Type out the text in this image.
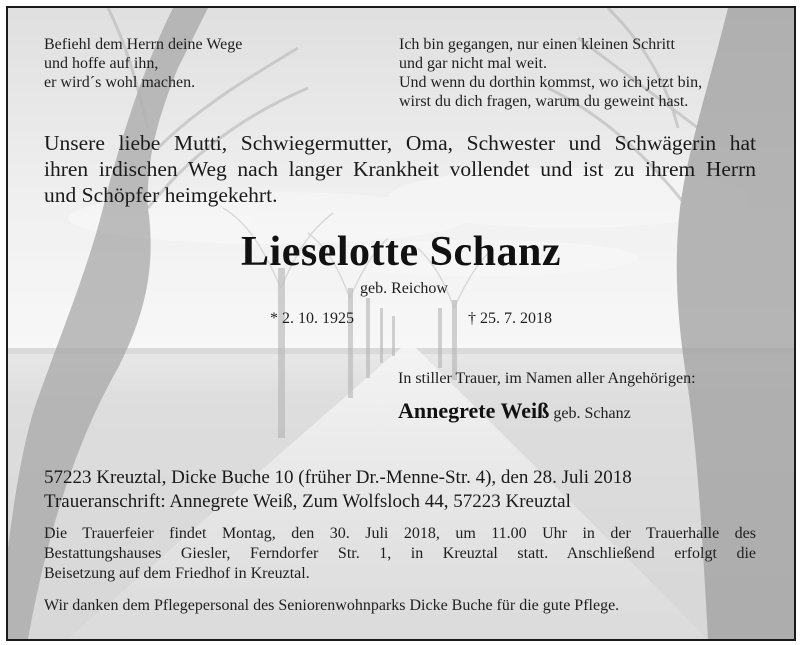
Befiehl dem Herrn deine Wege
und hoffe auf ihn,
er wird´s wohl machen.
Ich bin gegangen, nur einen kleinen Schritt
und gar nicht mal weit.
Und wenn du dorthin kommst, wo ich jetzt bin,
wirst du dich fragen, warum du geweint hast.
Unsere liebe Mutti, Schwiegermutter, Oma, Schwester und Schwägerin hat
ihren irdischen Weg nach langer Krankheit vollendet und ist zu ihrem Herrn
und Schöpfer heimgekehrt.
Lieselotte Schanz
geb. Reichow
* 2. 10. 1925	† 25. 7. 2018
In stiller Trauer, im Namen aller Angehörigen:
Annegrete Weiß geb. Schanz
57223 Kreuztal, Dicke Buche 10 (früher Dr.-Menne-Str. 4), den 28. Juli 2018
Traueranschrift: Annegrete Weiß, Zum Wolfsloch 44, 57223 Kreuztal
Die Trauerfeier findet Montag, den 30. Juli 2018, um 11.00 Uhr in der Trauerhalle des
Bestattungshauses Giesler, Ferndorfer Str. 1, in Kreuztal statt. Anschließend erfolgt die
Beisetzung auf dem Friedhof in Kreuztal.
Wir danken dem Pflegepersonal des Seniorenwohnparks Dicke Buche für die gute Pflege.
